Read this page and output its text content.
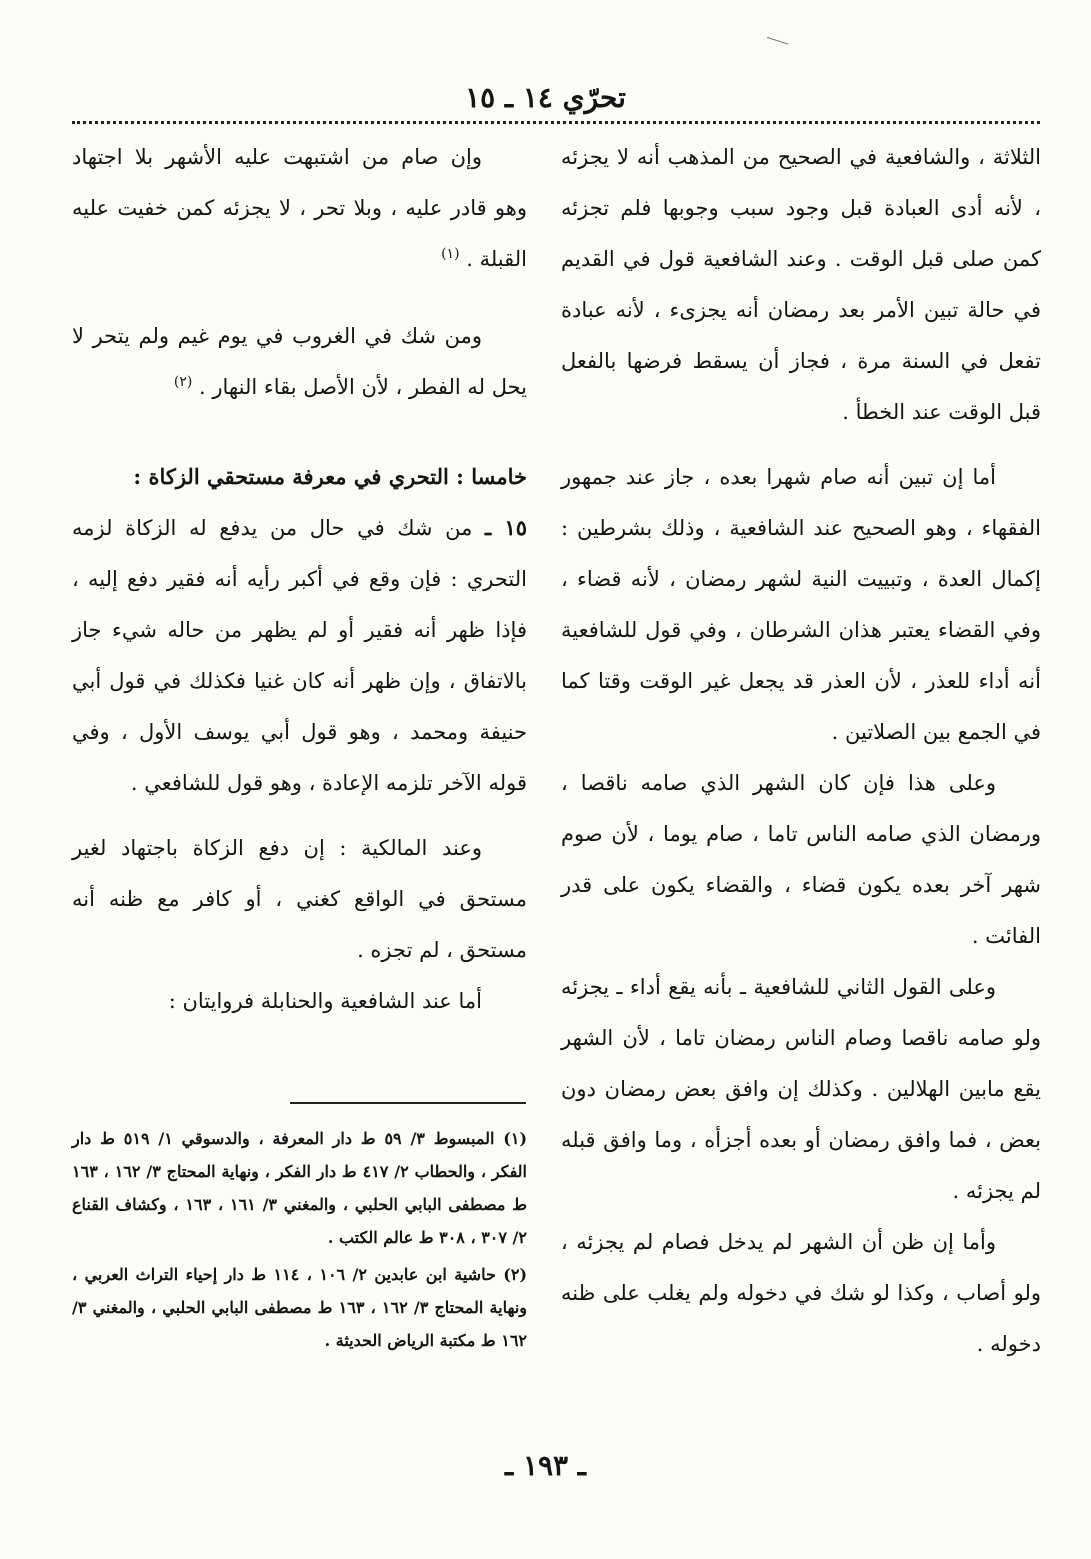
تحرّي ١٤ ـ ١٥

الثلاثة ، والشافعية في الصحيح من المذهب أنه لا يجزئه ، لأنه أدى العبادة قبل وجود سبب وجوبها فلم تجزئه كمن صلى قبل الوقت . وعند الشافعية قول في القديم في حالة تبين الأمر بعد رمضان أنه يجزىء ، لأنه عبادة تفعل في السنة مرة ، فجاز أن يسقط فرضها بالفعل قبل الوقت عند الخطأ .

أما إن تبين أنه صام شهرا بعده ، جاز عند جمهور الفقهاء ، وهو الصحيح عند الشافعية ، وذلك بشرطين : إكمال العدة ، وتبييت النية لشهر رمضان ، لأنه قضاء ، وفي القضاء يعتبر هذان الشرطان ، وفي قول للشافعية أنه أداء للعذر ، لأن العذر قد يجعل غير الوقت وقتا كما في الجمع بين الصلاتين .

وعلى هذا فإن كان الشهر الذي صامه ناقصا ، ورمضان الذي صامه الناس تاما ، صام يوما ، لأن صوم شهر آخر بعده يكون قضاء ، والقضاء يكون على قدر الفائت .

وعلى القول الثاني للشافعية ـ بأنه يقع أداء ـ يجزئه ولو صامه ناقصا وصام الناس رمضان تاما ، لأن الشهر يقع مابين الهلالين . وكذلك إن وافق بعض رمضان دون بعض ، فما وافق رمضان أو بعده أجزأه ، وما وافق قبله لم يجزئه .

وأما إن ظن أن الشهر لم يدخل فصام لم يجزئه ، ولو أصاب ، وكذا لو شك في دخوله ولم يغلب على ظنه دخوله .

وإن صام من اشتبهت عليه الأشهر بلا اجتهاد وهو قادر عليه ، وبلا تحر ، لا يجزئه كمن خفيت عليه القبلة . $^{(١)}$

ومن شك في الغروب في يوم غيم ولم يتحر لا يحل له الفطر ، لأن الأصل بقاء النهار . $^{(٢)}$

خامسا : التحري في معرفة مستحقي الزكاة :

١٥ ـ من شك في حال من يدفع له الزكاة لزمه التحري : فإن وقع في أكبر رأيه أنه فقير دفع إليه ، فإذا ظهر أنه فقير أو لم يظهر من حاله شيء جاز بالاتفاق ، وإن ظهر أنه كان غنيا فكذلك في قول أبي حنيفة ومحمد ، وهو قول أبي يوسف الأول ، وفي قوله الآخر تلزمه الإعادة ، وهو قول للشافعي .

وعند المالكية : إن دفع الزكاة باجتهاد لغير مستحق في الواقع كغني ، أو كافر مع ظنه أنه مستحق ، لم تجزه .

أما عند الشافعية والحنابلة فروايتان :

(١) المبسوط ٣/ ٥٩ ط دار المعرفة ، والدسوقي ١/ ٥١٩ ط دار الفكر ، والحطاب ٢/ ٤١٧ ط دار الفكر ، ونهاية المحتاج ٣/ ١٦٢ ، ١٦٣ ط مصطفى البابي الحلبي ، والمغني ٣/ ١٦١ ، ١٦٣ ، وكشاف القناع ٢/ ٣٠٧ ، ٣٠٨ ط عالم الكتب .

(٢) حاشية ابن عابدين ٢/ ١٠٦ ، ١١٤ ط دار إحياء التراث العربي ، ونهاية المحتاج ٣/ ١٦٢ ، ١٦٣ ط مصطفى البابي الحلبي ، والمغني ٣/ ١٦٢ ط مكتبة الرياض الحديثة .

ـ ١٩٣ ـ
